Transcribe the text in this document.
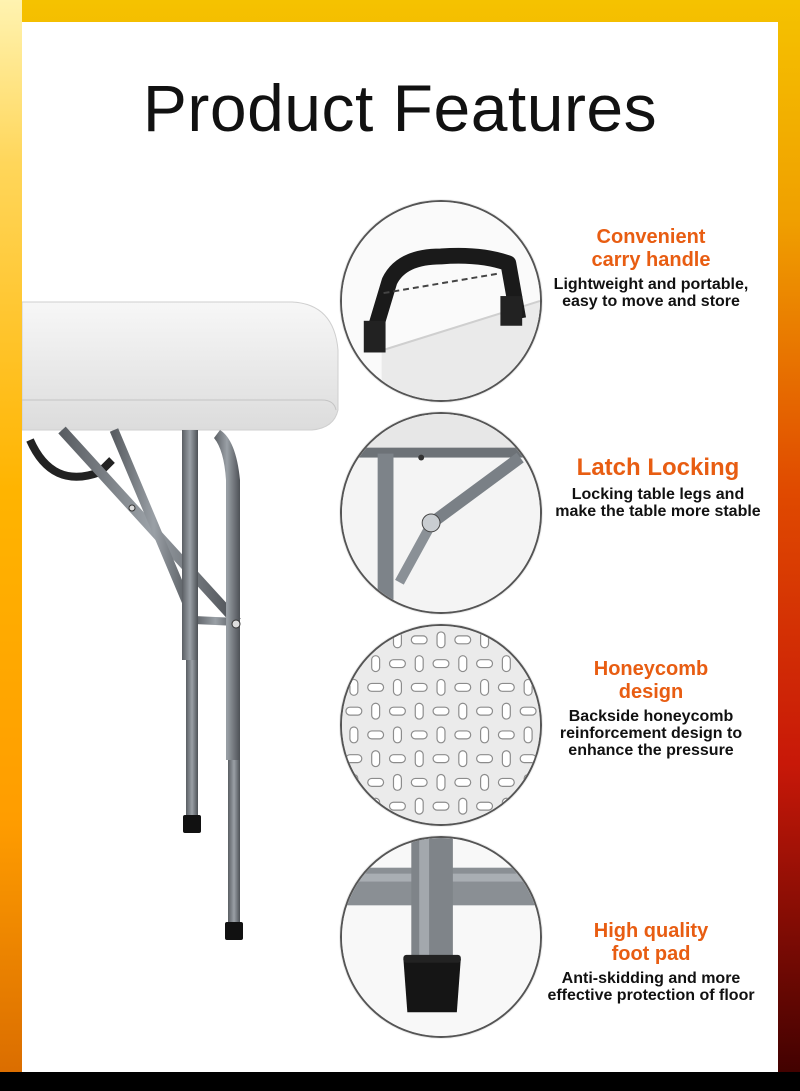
Product Features
Convenient
carry handle
Lightweight and portable,
easy to move and store
Latch Locking
Locking table legs and
make the table more stable
Honeycomb
design
Backside honeycomb
reinforcement design to
enhance the pressure
High quality
foot pad
Anti-skidding and more
effective protection of floor
